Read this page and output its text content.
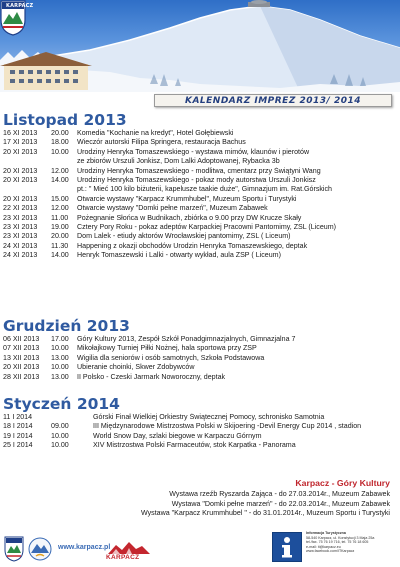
KARPACZ
KALENDARZ IMPREZ 2013/ 2014
Listopad 2013
16 XI 2013	20.00	Komedia "Kochanie na kredyt", Hotel Gołębiewski
17 XI 2013	18.00	Wieczór autorski Filipa Springera, restauracja Bachus
20 XI 2013	10.00	Urodziny Henryka Tomaszewskiego - wystawa mimów, klaunów i pierotów
ze zbiorów Urszuli Jonkisz, Dom Lalki Adoptowanej, Rybacka 3b
20 XI 2013	12.00	Urodziny Henryka Tomaszewskiego - modlitwa, cmentarz przy Świątyni Wang
20 XI 2013	14.00	Urodziny Henryka Tomaszewskiego - pokaz mody autorstwa Urszuli Jonkisz
pt.: " Mieć 100 kilo biżuterii, kapelusze taakie duże", Gimnazjum im. Rat.Górskich
20 XI 2013	15.00	Otwarcie wystawy "Karpacz Krummhubel", Muzeum Sportu i Turystyki
22 XI 2013	12.00	Otwarcie wystawy "Domki pełne marzeń", Muzeum Zabawek
23 XI 2013	11.00	Pożegnanie Słońca w Budnikach, zbiórka o 9.00 przy DW Krucze Skały
23 XI 2013	19.00	Cztery Pory Roku - pokaz adeptów Karpackiej Pracowni Pantomimy, ZSL (Liceum)
23 XI 2013	20.00	Dom Lalek - etiudy aktorów Wrocławskiej pantomimy, ZSL ( Liceum)
24 XI 2013	11.30	Happening z okazji obchodów Urodzin Henryka Tomaszewskiego, deptak
24 XI 2013	14.00	Henryk Tomaszewski i Lalki - otwarty wykład, aula ZSP ( Liceum)
Grudzień 2013
06 XII 2013	17.00	Góry Kultury 2013, Zespół Szkół Ponadgimnazjalnych, Gimnazjalna 7
07 XII 2013	10.00	Mikołajkowy Turniej Piłki Nożnej, hala sportowa przy ZSP
13 XII 2013	13.00	Wigilia dla seniorów i osób samotnych, Szkoła Podstawowa
20 XII 2013	10.00	Ubieranie choinki, Skwer Zdobywców
28 XII 2013	13.00	II Polsko - Czeski Jarmark Noworoczny, deptak
Styczeń 2014
11 I 2014	Górski Finał Wielkiej Orkiestry Świątecznej Pomocy, schronisko Samotnia
18 I 2014	09.00	III Międzynarodowe Mistrzostwa Polski w Skijoering -Devil Energy Cup 2014 , stadion
19 I 2014	10.00	World Snow Day, szlaki biegowe w Karpaczu Górnym
25 I 2014	10.00	XIV Mistrzostwa Polski Farmaceutów, stok Karpatka - Panorama
Karpacz - Góry Kultury
Wystawa rzeźb Ryszarda Zająca - do 27.03.2014r., Muzeum Zabawek
Wystawa "Domki pełne marzeń" - do 22.03.2014r., Muzeum Zabawek
Wystawa "Karpacz Krummhubel " - do 31.01.2014r., Muzeum Sportu i Turystyki
www.karpacz.pl
KARPACZ
Informacja Turystyczna
58-540 Karpacz, ul. Konstytucji 3 Maja 25a
tel./fax. 75 76 19 716, tel. 75 76 18 605
e-mail: it@karpacz.eu
www.facebook.com/ITKarpacz
